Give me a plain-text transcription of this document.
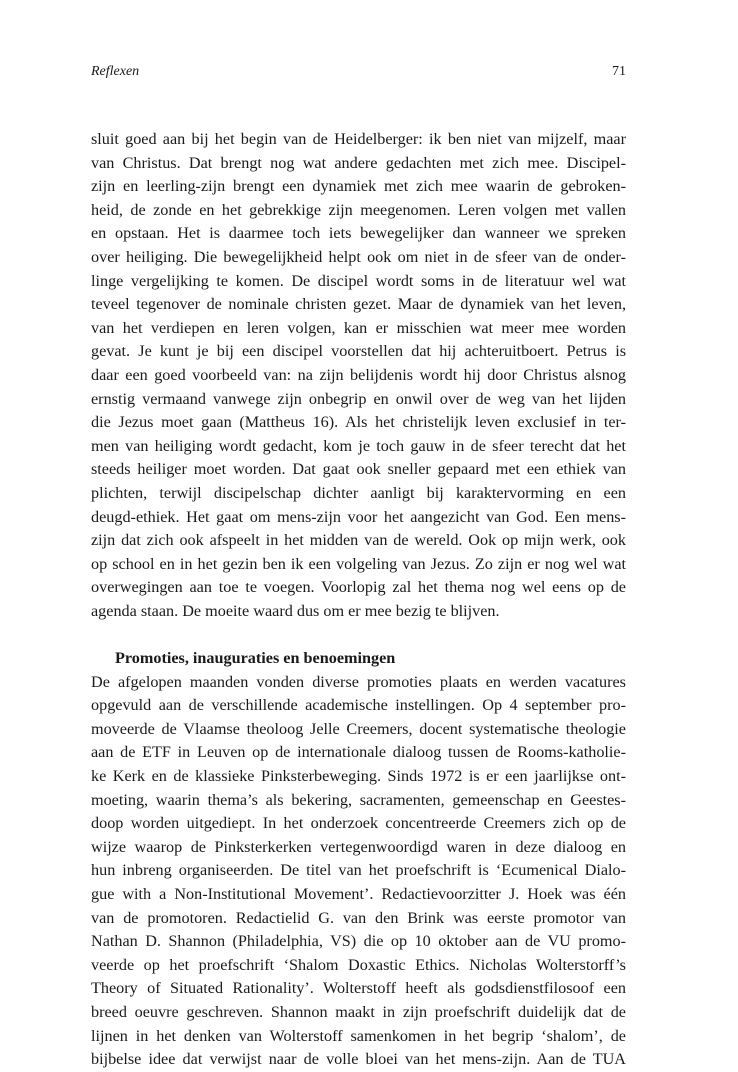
Reflexen	71
sluit goed aan bij het begin van de Heidelberger: ik ben niet van mijzelf, maar
van Christus. Dat brengt nog wat andere gedachten met zich mee. Discipel-
zijn en leerling-zijn brengt een dynamiek met zich mee waarin de gebroken-
heid, de zonde en het gebrekkige zijn meegenomen. Leren volgen met vallen
en opstaan. Het is daarmee toch iets bewegelijker dan wanneer we spreken
over heiliging. Die bewegelijkheid helpt ook om niet in de sfeer van de onder-
linge vergelijking te komen. De discipel wordt soms in de literatuur wel wat
teveel tegenover de nominale christen gezet. Maar de dynamiek van het leven,
van het verdiepen en leren volgen, kan er misschien wat meer mee worden
gevat. Je kunt je bij een discipel voorstellen dat hij achteruitboert. Petrus is
daar een goed voorbeeld van: na zijn belijdenis wordt hij door Christus alsnog
ernstig vermaand vanwege zijn onbegrip en onwil over de weg van het lijden
die Jezus moet gaan (Mattheus 16). Als het christelijk leven exclusief in ter-
men van heiliging wordt gedacht, kom je toch gauw in de sfeer terecht dat het
steeds heiliger moet worden. Dat gaat ook sneller gepaard met een ethiek van
plichten, terwijl discipelschap dichter aanligt bij karaktervorming en een
deugd-ethiek. Het gaat om mens-zijn voor het aangezicht van God. Een mens-
zijn dat zich ook afspeelt in het midden van de wereld. Ook op mijn werk, ook
op school en in het gezin ben ik een volgeling van Jezus. Zo zijn er nog wel wat
overwegingen aan toe te voegen. Voorlopig zal het thema nog wel eens op de
agenda staan. De moeite waard dus om er mee bezig te blijven.
Promoties, inauguraties en benoemingen
De afgelopen maanden vonden diverse promoties plaats en werden vacatures
opgevuld aan de verschillende academische instellingen. Op 4 september pro-
moveerde de Vlaamse theoloog Jelle Creemers, docent systematische theologie
aan de ETF in Leuven op de internationale dialoog tussen de Rooms-katholie-
ke Kerk en de klassieke Pinksterbeweging. Sinds 1972 is er een jaarlijkse ont-
moeting, waarin thema’s als bekering, sacramenten, gemeenschap en Geestes-
doop worden uitgediept. In het onderzoek concentreerde Creemers zich op de
wijze waarop de Pinksterkerken vertegenwoordigd waren in deze dialoog en
hun inbreng organiseerden. De titel van het proefschrift is ‘Ecumenical Dialo-
gue with a Non-Institutional Movement’. Redactievoorzitter J. Hoek was één
van de promotoren. Redactielid G. van den Brink was eerste promotor van
Nathan D. Shannon (Philadelphia, VS) die op 10 oktober aan de VU promo-
veerde op het proefschrift ‘Shalom Doxastic Ethics. Nicholas Wolterstorff’s
Theory of Situated Rationality’. Wolterstoff heeft als godsdienstfilosoof een
breed oeuvre geschreven. Shannon maakt in zijn proefschrift duidelijk dat de
lijnen in het denken van Wolterstoff samenkomen in het begrip ‘shalom’, de
bijbelse idee dat verwijst naar de volle bloei van het mens-zijn. Aan de TUA
